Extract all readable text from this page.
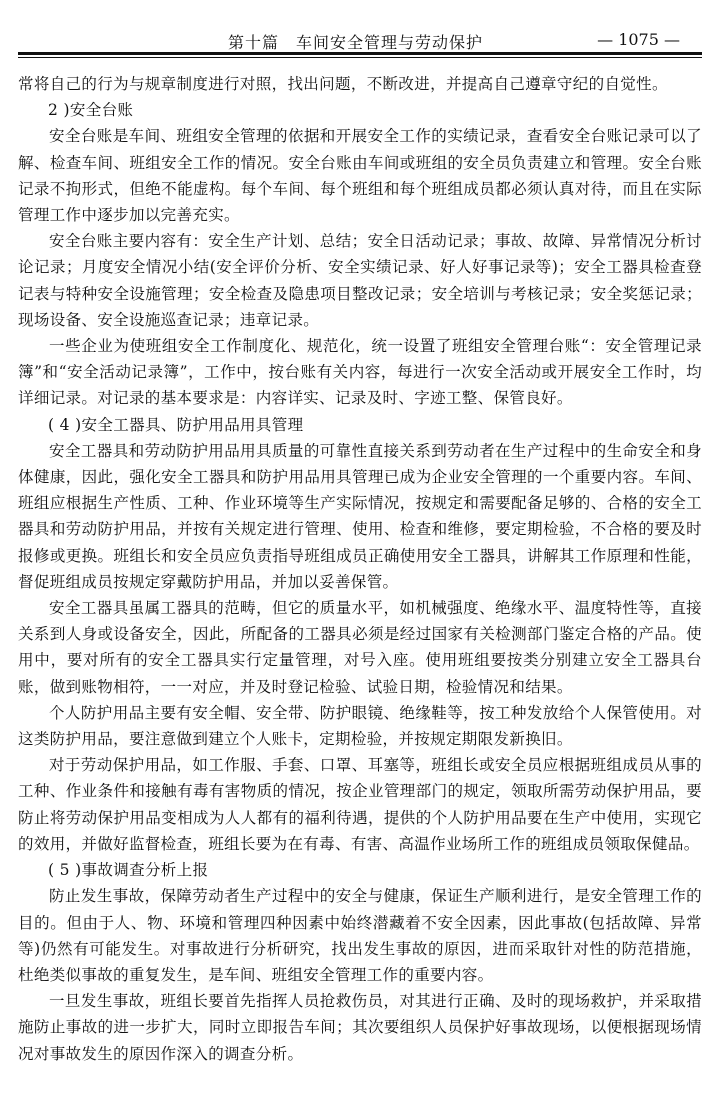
第十篇　车间安全管理与劳动保护	— 1075 —

常将自己的行为与规章制度进行对照，找出问题，不断改进，并提高自己遵章守纪的自觉性。

2 )安全台账

安全台账是车间、班组安全管理的依据和开展安全工作的实绩记录，查看安全台账记录可以了解、检查车间、班组安全工作的情况。安全台账由车间或班组的安全员负责建立和管理。安全台账记录不拘形式，但绝不能虚构。每个车间、每个班组和每个班组成员都必须认真对待，而且在实际管理工作中逐步加以完善充实。

安全台账主要内容有：安全生产计划、总结；安全日活动记录；事故、故障、异常情况分析讨论记录；月度安全情况小结(安全评价分析、安全实绩记录、好人好事记录等)；安全工器具检查登记表与特种安全设施管理；安全检查及隐患项目整改记录；安全培训与考核记录；安全奖惩记录；现场设备、安全设施巡查记录；违章记录。

一些企业为使班组安全工作制度化、规范化，统一设置了班组安全管理台账“：安全管理记录簿”和“安全活动记录簿”，工作中，按台账有关内容，每进行一次安全活动或开展安全工作时，均详细记录。对记录的基本要求是：内容详实、记录及时、字迹工整、保管良好。

( 4 )安全工器具、防护用品用具管理

安全工器具和劳动防护用品用具质量的可靠性直接关系到劳动者在生产过程中的生命安全和身体健康，因此，强化安全工器具和防护用品用具管理已成为企业安全管理的一个重要内容。车间、班组应根据生产性质、工种、作业环境等生产实际情况，按规定和需要配备足够的、合格的安全工器具和劳动防护用品，并按有关规定进行管理、使用、检查和维修，要定期检验，不合格的要及时报修或更换。班组长和安全员应负责指导班组成员正确使用安全工器具，讲解其工作原理和性能，督促班组成员按规定穿戴防护用品，并加以妥善保管。

安全工器具虽属工器具的范畴，但它的质量水平，如机械强度、绝缘水平、温度特性等，直接关系到人身或设备安全，因此，所配备的工器具必须是经过国家有关检测部门鉴定合格的产品。使用中，要对所有的安全工器具实行定量管理，对号入座。使用班组要按类分别建立安全工器具台账，做到账物相符，一一对应，并及时登记检验、试验日期，检验情况和结果。

个人防护用品主要有安全帽、安全带、防护眼镜、绝缘鞋等，按工种发放给个人保管使用。对这类防护用品，要注意做到建立个人账卡，定期检验，并按规定期限发新换旧。

对于劳动保护用品，如工作服、手套、口罩、耳塞等，班组长或安全员应根据班组成员从事的工种、作业条件和接触有毒有害物质的情况，按企业管理部门的规定，领取所需劳动保护用品，要防止将劳动保护用品变相成为人人都有的福利待遇，提供的个人防护用品要在生产中使用，实现它的效用，并做好监督检查，班组长要为在有毒、有害、高温作业场所工作的班组成员领取保健品。

( 5 )事故调查分析上报

防止发生事故，保障劳动者生产过程中的安全与健康，保证生产顺利进行，是安全管理工作的目的。但由于人、物、环境和管理四种因素中始终潜藏着不安全因素，因此事故(包括故障、异常等)仍然有可能发生。对事故进行分析研究，找出发生事故的原因，进而采取针对性的防范措施，杜绝类似事故的重复发生，是车间、班组安全管理工作的重要内容。

一旦发生事故，班组长要首先指挥人员抢救伤员，对其进行正确、及时的现场救护，并采取措施防止事故的进一步扩大，同时立即报告车间；其次要组织人员保护好事故现场，以便根据现场情况对事故发生的原因作深入的调查分析。
